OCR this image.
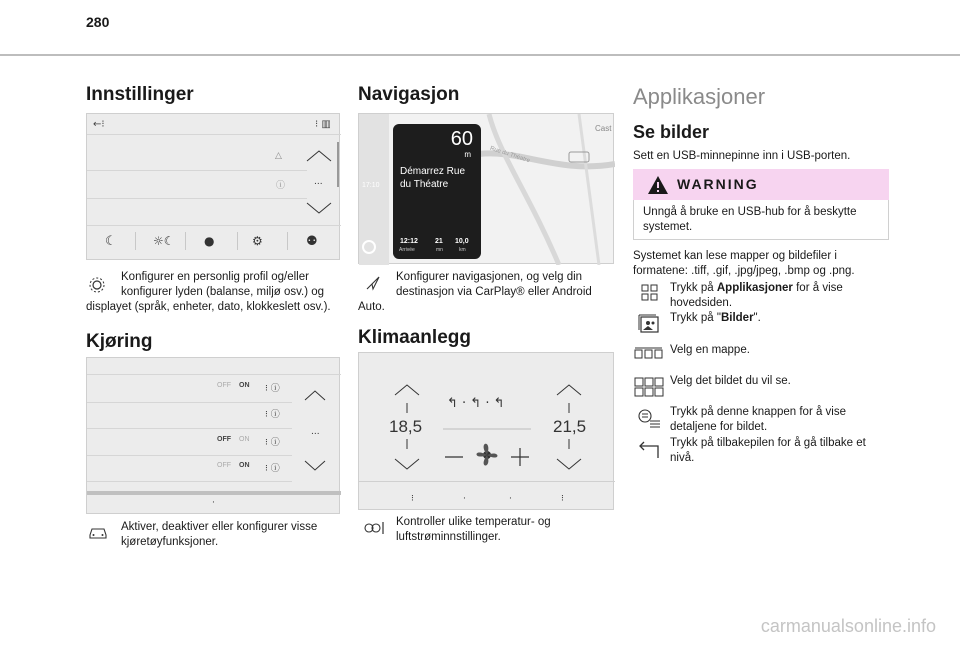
280
Innstillinger
←⁝	⁝ ▥
△
ⓘ	...
☾	☼☾ ●	⚙	⚉
Konfigurer en personlig profil og/eller
konfigurer lyden (balanse, miljø osv.) og
displayet (språk, enheter, dato, klokkeslett osv.).
Kjøring
...
⁝ ⓘ
⁝ ⓘ
⁝ ⓘ
⁝ ⓘ
·
OFF ON
OFF ON
OFF ON
Aktiver, deaktiver eller konfigurer visse
kjøretøyfunksjoner.
Navigasjon
60
m
Démarrez Rue
du Théatre
12:12
Arrivée
21
mn
10,0
km
17:10
Cast
Rue du Théatre
Konfigurer navigasjonen, og velg din
destinasjon via CarPlay® eller Android
Auto.
Klimaanlegg
↰ · ↰ · ↰
⁝	·	·	⁝
18,5	21,5
Kontroller ulike temperatur- og
luftstrøminnstillinger.
Applikasjoner
Se bilder
Sett en USB-minnepinne inn i USB-porten.
WARNING
Unngå å bruke en USB-hub for å beskytte
systemet.
Systemet kan lese mapper og bildefiler i
formatene: .tiff, .gif, .jpg/jpeg, .bmp og .png.
Trykk på Applikasjoner for å vise
hovedsiden.
Trykk på "Bilder".
Velg en mappe.
Velg det bildet du vil se.
Trykk på denne knappen for å vise
detaljene for bildet.
Trykk på tilbakepilen for å gå tilbake et
nivå.
carmanualsonline.info
